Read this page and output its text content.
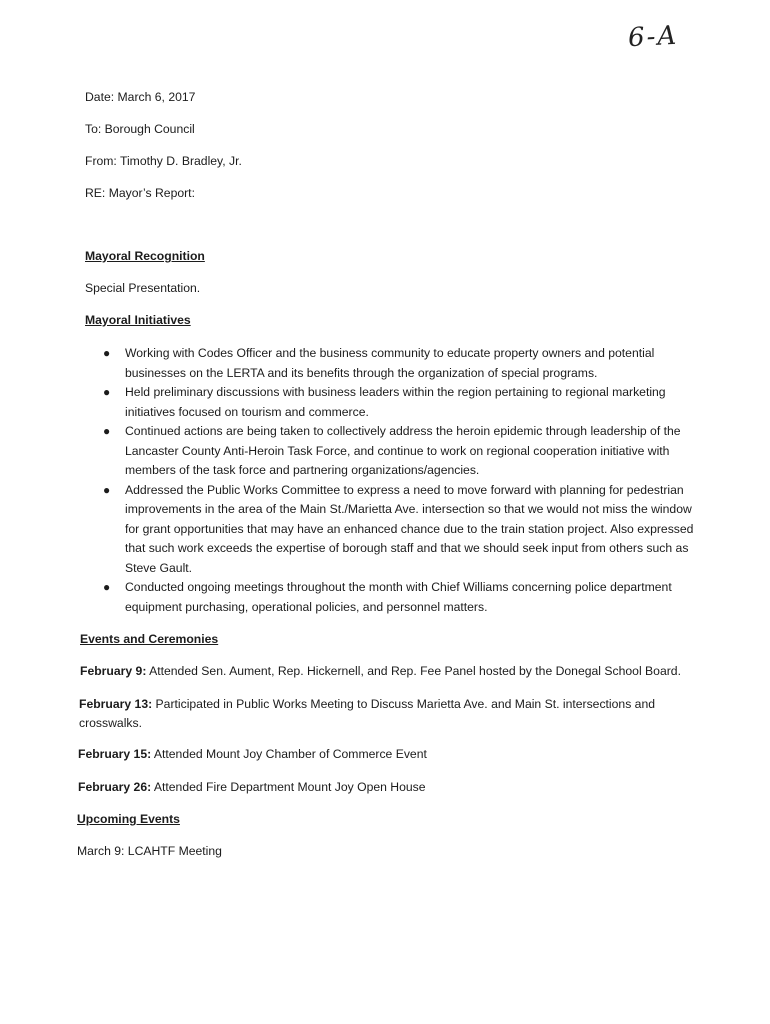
6-A
Date: March 6, 2017
To: Borough Council
From: Timothy D. Bradley, Jr.
RE: Mayor’s Report:
Mayoral Recognition
Special Presentation.
Mayoral Initiatives
● Working with Codes Officer and the business community to educate property owners and potential businesses on the LERTA and its benefits through the organization of special programs.
● Held preliminary discussions with business leaders within the region pertaining to regional marketing initiatives focused on tourism and commerce.
● Continued actions are being taken to collectively address the heroin epidemic through leadership of the Lancaster County Anti-Heroin Task Force, and continue to work on regional cooperation initiative with members of the task force and partnering organizations/agencies.
● Addressed the Public Works Committee to express a need to move forward with planning for pedestrian improvements in the area of the Main St./Marietta Ave. intersection so that we would not miss the window for grant opportunities that may have an enhanced chance due to the train station project. Also expressed that such work exceeds the expertise of borough staff and that we should seek input from others such as Steve Gault.
● Conducted ongoing meetings throughout the month with Chief Williams concerning police department equipment purchasing, operational policies, and personnel matters.
Events and Ceremonies
February 9: Attended Sen. Aument, Rep. Hickernell, and Rep. Fee Panel hosted by the Donegal School Board.
February 13: Participated in Public Works Meeting to Discuss Marietta Ave. and Main St. intersections and crosswalks.
February 15: Attended Mount Joy Chamber of Commerce Event
February 26: Attended Fire Department Mount Joy Open House
Upcoming Events
March 9: LCAHTF Meeting
